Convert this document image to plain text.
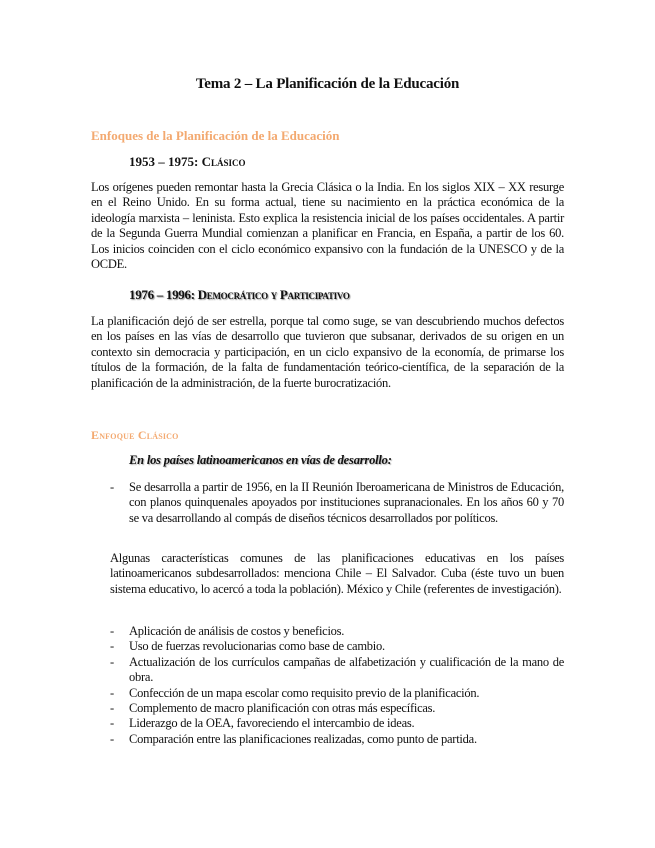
Tema 2 – La Planificación de la Educación
Enfoques de la Planificación de la Educación
1953 – 1975: Clásico

Los orígenes pueden remontar hasta la Grecia Clásica o la India. En los siglos XIX – XX resurge en el Reino Unido. En su forma actual, tiene su nacimiento en la práctica económica de la ideología marxista – leninista. Esto explica la resistencia inicial de los países occidentales. A partir de la Segunda Guerra Mundial comienzan a planificar en Francia, en España, a partir de los 60. Los inicios coinciden con el ciclo económico expansivo con la fundación de la UNESCO y de la OCDE.

1976 – 1996: Democrático y Participativo

La planificación dejó de ser estrella, porque tal como suge, se van descubriendo muchos defectos en los países en las vías de desarrollo que tuvieron que subsanar, derivados de su origen en un contexto sin democracia y participación, en un ciclo expansivo de la economía, de primarse los títulos de la formación, de la falta de fundamentación teórico-científica, de la separación de la planificación de la administración, de la fuerte burocratización.

Enfoque Clásico

En los países latinoamericanos en vías de desarrollo:

- Se desarrolla a partir de 1956, en la II Reunión Iberoamericana de Ministros de Educación, con planos quinquenales apoyados por instituciones supranacionales. En los años 60 y 70 se va desarrollando al compás de diseños técnicos desarrollados por políticos.

Algunas características comunes de las planificaciones educativas en los países latinoamericanos subdesarrollados: menciona Chile – El Salvador. Cuba (éste tuvo un buen sistema educativo, lo acercó a toda la población). México y Chile (referentes de investigación).

- Aplicación de análisis de costos y beneficios.
- Uso de fuerzas revolucionarias como base de cambio.
- Actualización de los currículos campañas de alfabetización y cualificación de la mano de obra.
- Confección de un mapa escolar como requisito previo de la planificación.
- Complemento de macro planificación con otras más específicas.
- Liderazgo de la OEA, favoreciendo el intercambio de ideas.
- Comparación entre las planificaciones realizadas, como punto de partida.
